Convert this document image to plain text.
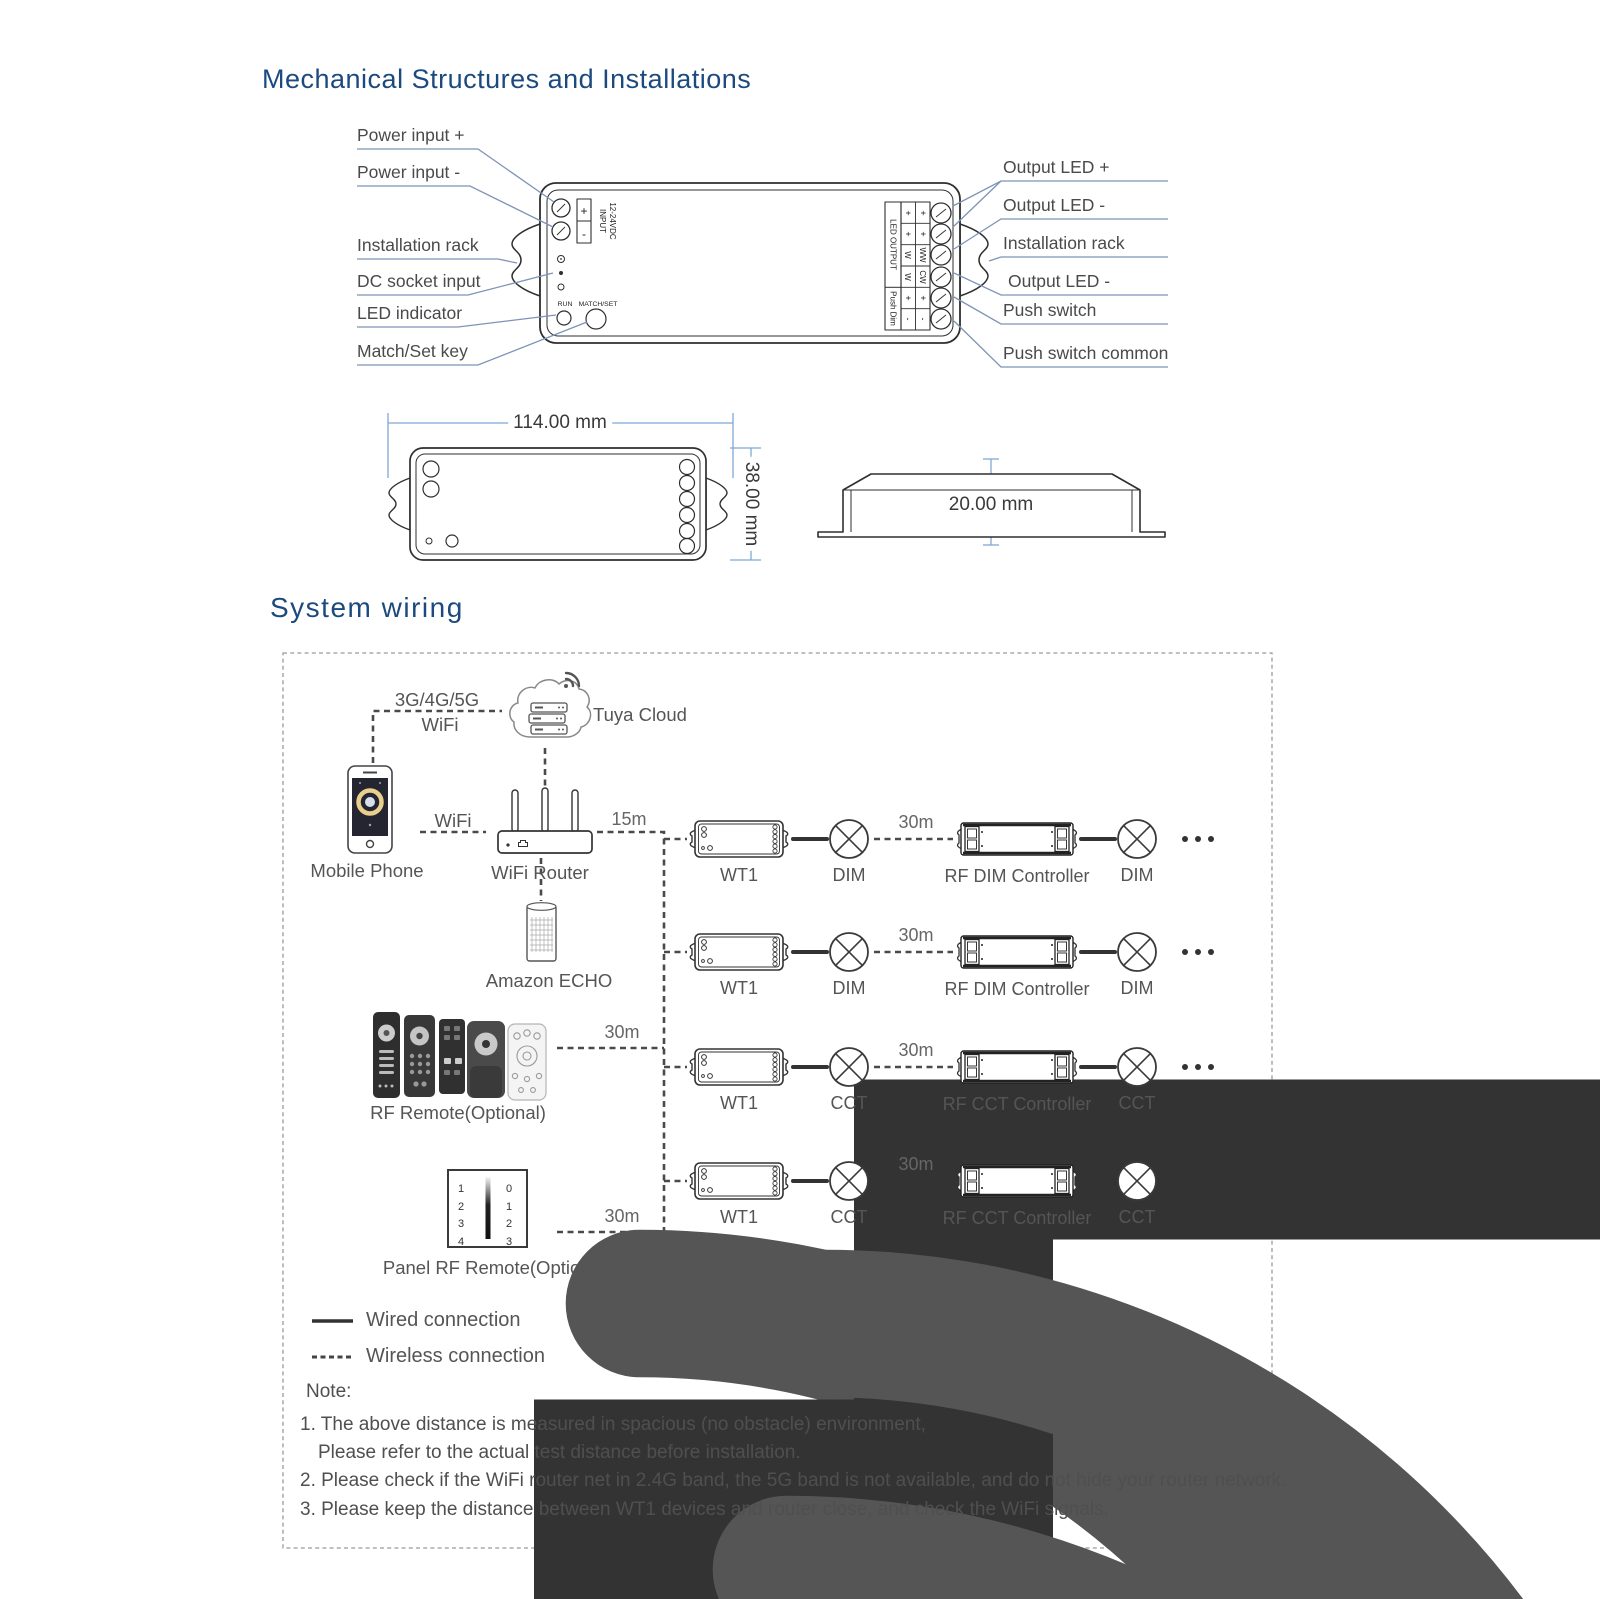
+
-
INPUT 12-24VDC
RUN MATCH/SET
LED OUTPUT
Push Dim
+ +
+ +
W WW
W CW
+ +
- -
1
2
3
4
0
1
2
3
Mechanical Structures and Installations
Power input +
Power input -
Installation rack
DC socket input
LED indicator
Match/Set key
Output LED +
Output LED -
Installation rack
Output LED -
Push switch
Push switch common
114.00 mm
38.00 mm	20.00 mm
System wiring
3G/4G/5G
WiFi	Tuya Cloud
Mobile Phone
WiFi
WiFi Router
15m
Amazon ECHO
RF Remote(Optional)
30m
Panel RF Remote(Optional)
30m
WT1	DIM
30m
RF DIM Controller DIM
WT1	DIM
30m
RF DIM Controller DIM
WT1	CCT
30m
RF CCT Controller CCT
WT1	CCT
30m
RF CCT Controller CCT
Wired connection
Wireless connection
Note:
1. The above distance is measured in spacious (no obstacle) environment,
Please refer to the actual test distance before installation.
2. Please check if the WiFi router net in 2.4G band, the 5G band is not available, and do not hide your router network.
3. Please keep the distance between WT1 devices and router close, and check the WiFi signals.
